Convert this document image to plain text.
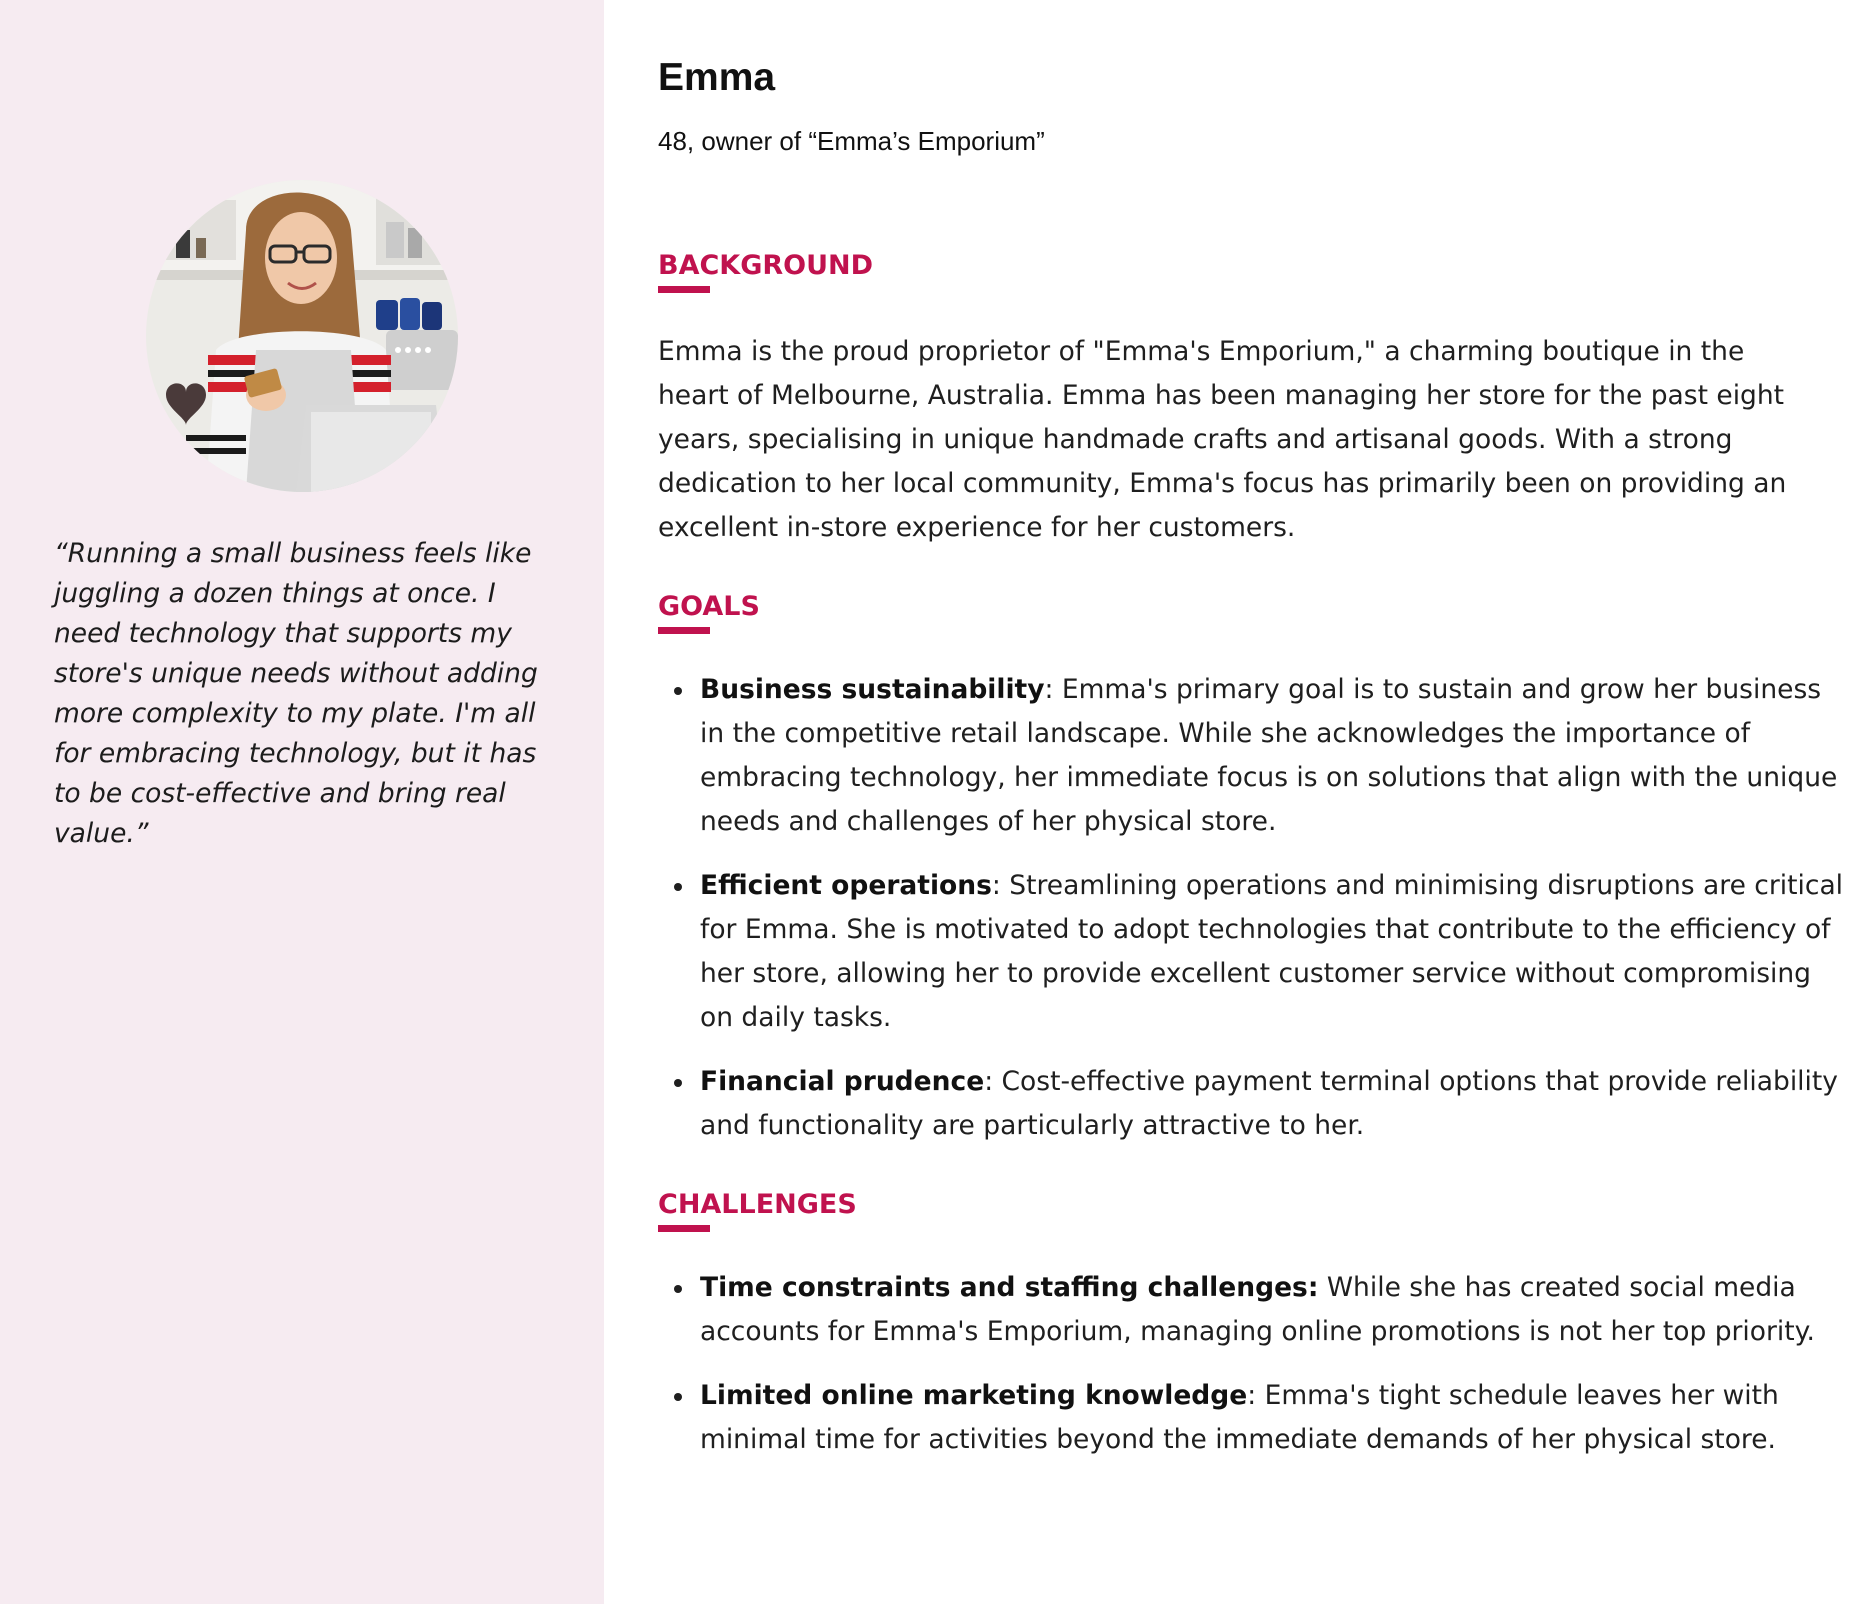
“Running a small business feels like juggling a dozen things at once. I need technology that supports my store's unique needs without adding more complexity to my plate. I'm all for embracing technology, but it has to be cost-effective and bring real value.”

Emma

48, owner of “Emma’s Emporium”

BACKGROUND

Emma is the proud proprietor of "Emma's Emporium," a charming boutique in the heart of Melbourne, Australia. Emma has been managing her store for the past eight years, specialising in unique handmade crafts and artisanal goods. With a strong dedication to her local community, Emma's focus has primarily been on providing an excellent in-store experience for her customers.

GOALS
Business sustainability: Emma's primary goal is to sustain and grow her business in the competitive retail landscape. While she acknowledges the importance of embracing technology, her immediate focus is on solutions that align with the unique needs and challenges of her physical store.
Efficient operations: Streamlining operations and minimising disruptions are critical for Emma. She is motivated to adopt technologies that contribute to the efficiency of her store, allowing her to provide excellent customer service without compromising on daily tasks.
Financial prudence: Cost-effective payment terminal options that provide reliability and functionality are particularly attractive to her.
CHALLENGES
Time constraints and staffing challenges: While she has created social media accounts for Emma's Emporium, managing online promotions is not her top priority.
Limited online marketing knowledge: Emma's tight schedule leaves her with minimal time for activities beyond the immediate demands of her physical store.
